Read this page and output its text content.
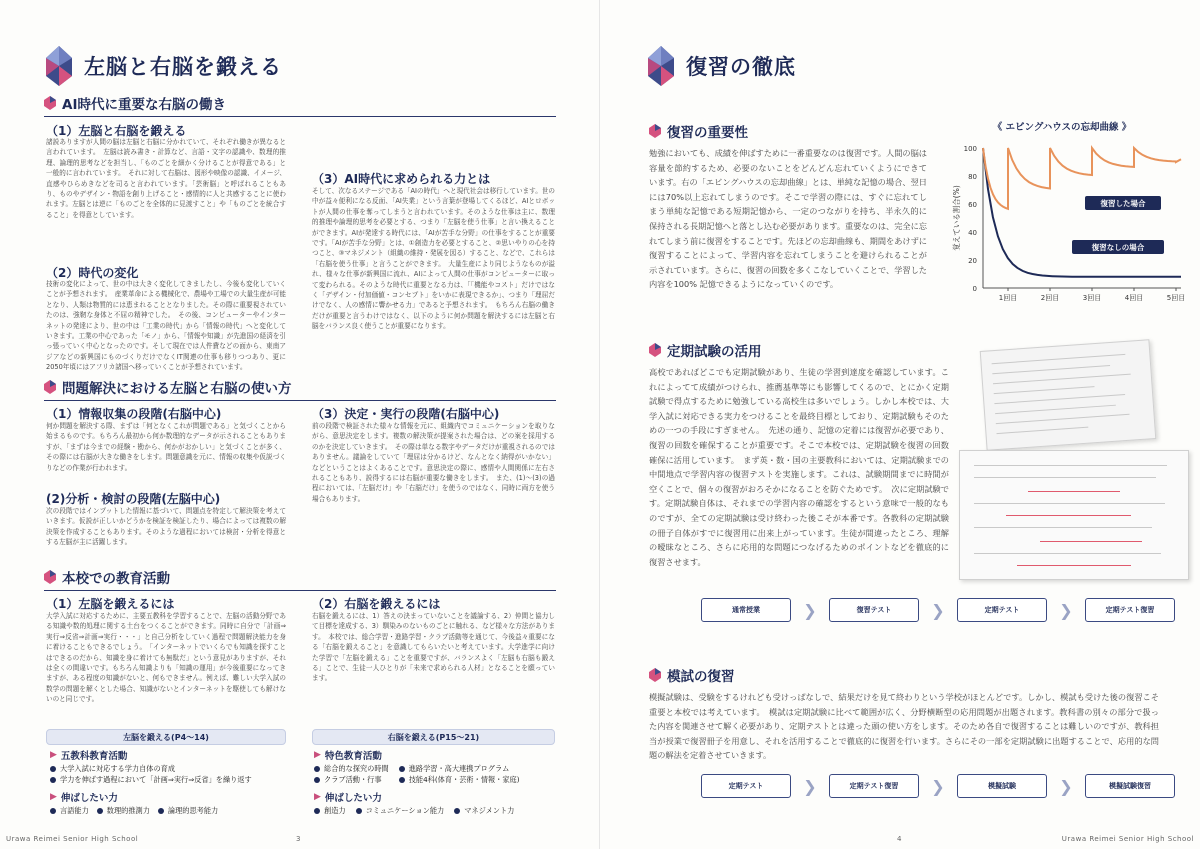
左脳と右脳を鍛える
AI時代に重要な右脳の働き
（1）左脳と右脳を鍛える
諸説ありますが人間の脳は左脳と右脳に分かれていて、それぞれ働きが異なると言われています。　左脳は読み書き・計算など、言語・文字の認識や、数理的推理、論理的思考などを担当し、「ものごとを細かく分けることが得意である」と一般的に言われています。　それに対して右脳は、図形や映像の認識、イメージ、直感やひらめきなどを司ると言われています。「芸術脳」と呼ばれることもあり、ものやデザイン・物語を創り上げること・感情的に人と共感することに使われます。左脳とは逆に「ものごとを全体的に見渡すこと」や「ものごとを統合すること」を得意としています。
（2）時代の変化
技術の変化によって、世の中は大きく変化してきましたし、今後も変化していくことが予想されます。　産業革命による機械化で、農場や工場での大量生産が可能となり、人類は物質的には恵まれることとなりました。その際に重要視されていたのは、強靭な身体と不屈の精神でした。　その後、コンピューターやインターネットの発達により、世の中は「工業の時代」から「情報の時代」へと変化していきます。工業の中心であった「モノ」から、「情報や知識」が先進国の経済を引っ張っていく中心となったのです。そして現在では人件費などの面から、東南アジアなどの新興国にものづくりだけでなくIT関連の仕事も移りつつあり、更に2050年頃にはアフリカ諸国へ移っていくことが予想されています。
（3）AI時代に求められる力とは
そして、次なるステージである「AIの時代」へと現代社会は移行しています。世の中が益々便利になる反面、「AI失業」という言葉が登場してくるほど、AIとロボットが人間の仕事を奪ってしまうと言われています。そのような仕事は主に、数理的推理や論理的思考を必要とする、つまり「左脳を使う仕事」と言い換えることができます。AIが発達する時代には、「AIが苦手な分野」の仕事をすることが重要です。「AIが苦手な分野」とは、①創造力を必要とすること、②思いやりの心を持つこと、③マネジメント（組織の維持・発展を図る）すること、などで、これらは「右脳を使う仕事」と言うことができます。　大量生産により同じようなものが溢れ、様々な仕事が新興国に流れ、AIによって人間の仕事がコンピューターに取って変わられる。そのような時代に重要となる力は、「「機能やコスト」だけではなく「デザイン・付加価値・コンセプト」をいかに表現できるか」、つまり「理屈だけでなく、人の感情に響かせる力」であると予想されます。　もちろん右脳の働きだけが重要と言うわけではなく、以下のように何か問題を解決するには左脳と右脳をバランス良く使うことが重要になります。
問題解決における左脳と右脳の使い方
（1）情報収集の段階(右脳中心)
何か問題を解決する際、まずは「何となくこれが問題である」と気づくことから始まるものです。もちろん最初から何か数理的なデータが示されることもありますが、「まずは今までの経験・勘から、何かがおかしい」と気づくことが多く、その際には右脳が大きな働きをします。問題意識を元に、情報の収集や仮説づくりなどの作業が行われます。
(2)分析・検討の段階(左脳中心)
次の段階ではインプットした情報に基づいて、問題点を特定して解決策を考えていきます。仮説が正しいかどうかを検証を検証したり、場合によっては複数の解決策を作成することもあります。そのような過程においては検討・分析を得意とする左脳が主に活躍します。
（3）決定・実行の段階(右脳中心)
前の段階で検証された様々な情報を元に、組織内でコミュニケーションを取りながら、意思決定をします。複数の解決策が提案された場合は、どの案を採用するのかを決定していきます。　その際は単なる数字やデータだけが重視されるのではありません。議論をしていて「理屈は分かるけど、なんとなく納得がいかない」などということはよくあることです。意思決定の際に、感情や人間関係に左右されることもあり、説得するには右脳が重要な働きをします。　また、(1)〜(3)の過程においては、「左脳だけ」や「右脳だけ」を使うのではなく、同時に両方を使う場合もあります。
本校での教育活動
（1）左脳を鍛えるには
大学入試に対応するために、主要五教科を学習することで、左脳の活動分野である知識や数的処理に関する土台をつくることができます。同時に自分で「計画⇒実行⇒反省⇒計画⇒実行・・・」と自己分析をしていく過程で問題解決能力を身に着けることもできるでしょう。　「インターネットでいくらでも知識を探すことはできるのだから、知識を身に着けても無駄だ」という意見がありますが、それは全くの間違いです。もちろん知識よりも「知識の運用」が今後重要になってきますが、ある程度の知識がないと、何もできません。例えば、難しい大学入試の数学の問題を解くとした場合、知識がないとインターネットを駆使しても解けないのと同じです。
（2）右脳を鍛えるには
右脳を鍛えるには、1）答えの決まっていないことを議論する、2）仲間と協力して目標を達成する、3）馴染みのないものごとに触れる、など様々な方法があります。　本校では、総合学習・進路学習・クラブ活動等を通じて、今後益々重要になる「右脳を鍛えること」を意識してもらいたいと考えています。大学進学に向けた学習で「左脳を鍛える」ことを重要ですが、バランスよく「左脳も右脳も鍛える」ことで、生徒一人ひとりが「未来で求められる人材」となることを願っています。
左脳を鍛える(P4〜14)	右脳を鍛える(P15〜21)
▶ 五教科教育活動
大学入試に対応する学力自体の育成
学力を伸ばす過程において「計画⇒実行⇒反省」を繰り返す
▶ 伸ばしたい力
言語能力	数理的推測力	論理的思考能力
▶ 特色教育活動
総合的な探究の時間
クラブ活動・行事
進路学習・高大連携プログラム
技能4科(体育・芸術・情報・家庭)
▶ 伸ばしたい力
創造力	コミュニケーション能力	マネジメント力
Urawa Reimei Senior High School	3
復習の徹底
復習の重要性
勉強においても、成績を伸ばすために一番重要なのは復習です。人間の脳は容量を節約するため、必要のないことをどんどん忘れていくようにできています。右の「エビングハウスの忘却曲線」とは、単純な記憶の場合、翌日には70%以上忘れてしまうのです。そこで学習の際には、すぐに忘れてしまう単純な記憶である短期記憶から、一定のつながりを持ち、半永久的に保持される長期記憶へと落とし込む必要があります。重要なのは、完全に忘れてしまう前に復習をすることです。先ほどの忘却曲線も、期間をあけずに復習することによって、学習内容を忘れてしまうことを避けられることが示されています。さらに、復習の回数を多くこなしていくことで、学習した内容を100% 記憶できるようになっていくのです。
《 エビングハウスの忘却曲線 》
0
20
40
60
80
100
1回目	2回目	3回目	4回目	5回目
覚えている割合(%)	復習した場合
復習なしの場合
定期試験の活用
高校であればどこでも定期試験があり、生徒の学習到達度を確認しています。これによってて成績がつけられ、推薦基準等にも影響してくるので、とにかく定期試験で得点するために勉強している高校生は多いでしょう。しかし本校では、大学入試に対応できる実力をつけることを最終目標としており、定期試験もそのための一つの手段にすぎません。　先述の通り、記憶の定着には復習が必要であり、復習の回数を確保することが重要です。そこで本校では、定期試験を復習の回数確保に活用しています。　まず英・数・国の主要教科においては、定期試験までの中間地点で学習内容の復習テストを実施します。これは、試験期間までに時間が空くことで、個々の復習がおろそかになることを防ぐためです。　次に定期試験です。定期試験自体は、それまでの学習内容の確認をするという意味で一般的なものですが、全ての定期試験は受け終わった後こそが本番です。各教科の定期試験の冊子自体がすでに復習用に出来上がっています。生徒が間違ったところ、理解の曖昧なところ、さらに応用的な問題につなげるためのポイントなどを徹底的に復習させます。
通常授業	❯	復習テスト	❯	定期テスト	❯	定期テスト復習
模試の復習
模擬試験は、受験をするけれども受けっぱなしで、結果だけを見て終わりという学校がほとんどです。しかし、模試も受けた後の復習こそ重要と本校では考えています。　模試は定期試験に比べて範囲が広く、分野横断型の応用問題が出題されます。教科書の別々の部分で扱った内容を関連させて解く必要があり、定期テストとは違った頭の使い方をします。そのため各自で復習することは難しいのですが、教科担当が授業で復習冊子を用意し、それを活用することで徹底的に復習を行います。さらにその一部を定期試験に出題することで、応用的な問題の解法を定着させていきます。
定期テスト	❯	定期テスト復習	❯	模擬試験	❯	模擬試験復習
4	Urawa Reimei Senior High School
